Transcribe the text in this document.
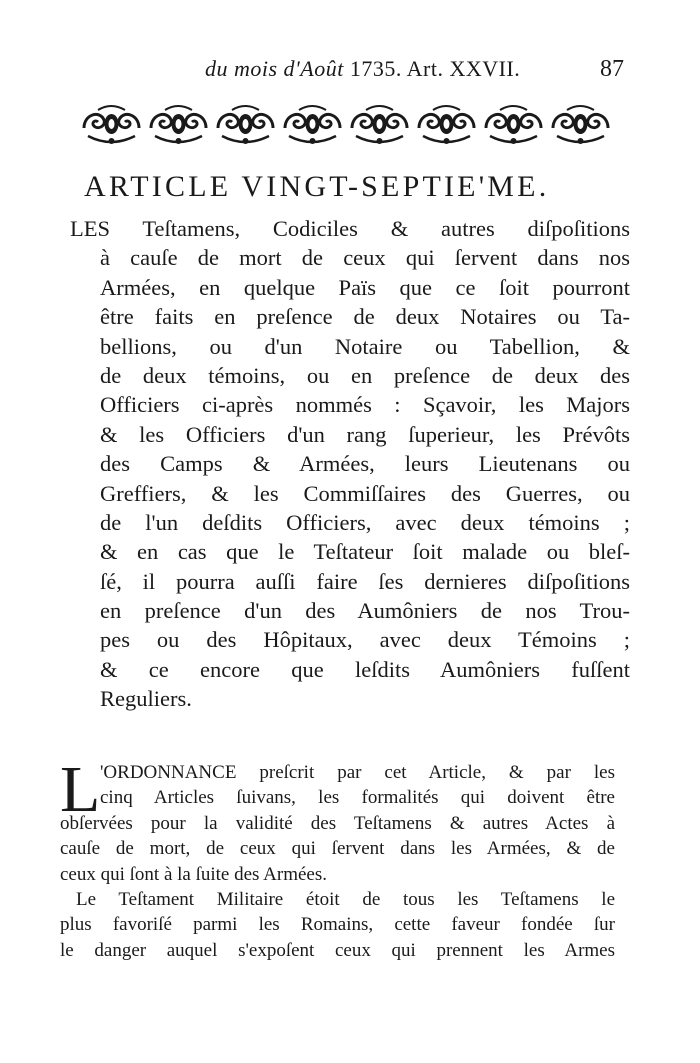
du mois d'Août 1735. Art. XXVII.	87
ARTICLE VINGT-SEPTIE'ME.
LES Teſtamens, Codiciles & autres diſpoſitions
à cauſe de mort de ceux qui ſervent dans nos
Armées, en quelque Païs que ce ſoit pourront
être faits en preſence de deux Notaires ou Ta-
bellions, ou d'un Notaire ou Tabellion, &
de deux témoins, ou en preſence de deux des
Officiers ci-après nommés : Sçavoir, les Majors
& les Officiers d'un rang ſuperieur, les Prévôts
des Camps & Armées, leurs Lieutenans ou
Greffiers, & les Commiſſaires des Guerres, ou
de l'un deſdits Officiers, avec deux témoins ;
& en cas que le Teſtateur ſoit malade ou bleſ-
ſé, il pourra auſſi faire ſes dernieres diſpoſitions
en preſence d'un des Aumôniers de nos Trou-
pes ou des Hôpitaux, avec deux Témoins ;
& ce encore que leſdits Aumôniers fuſſent
Reguliers.
L 'ORDONNANCE preſcrit par cet Article, & par les
cinq Articles ſuivans, les formalités qui doivent être
obſervées pour la validité des Teſtamens & autres Actes à
cauſe de mort, de ceux qui ſervent dans les Armées, & de
ceux qui ſont à la ſuite des Armées.
Le Teſtament Militaire étoit de tous les Teſtamens le
plus favoriſé parmi les Romains, cette faveur fondée ſur
le danger auquel s'expoſent ceux qui prennent les Armes
